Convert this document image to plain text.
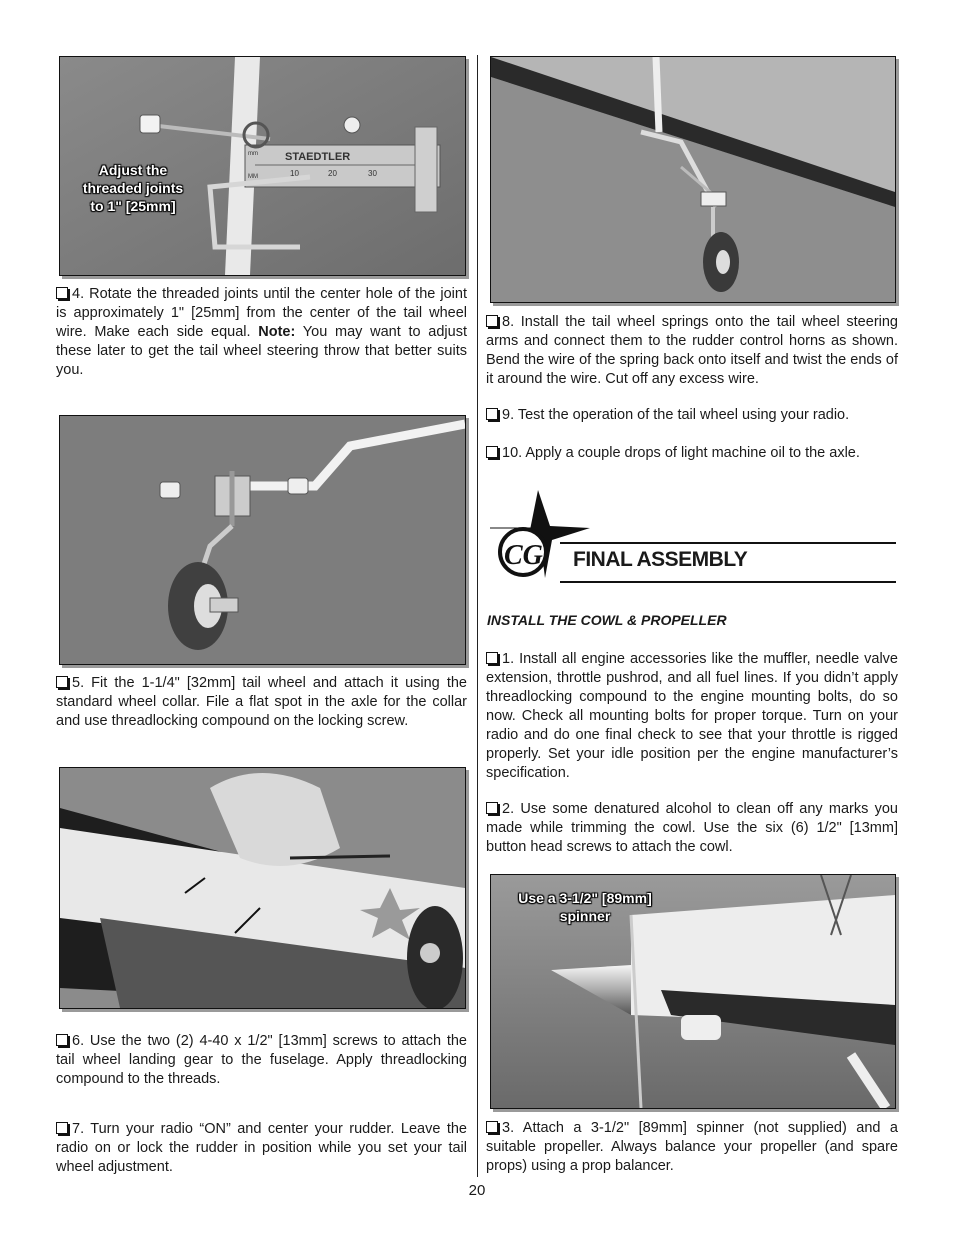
STAEDTLER
mm
MM	10	20	30
Adjust the
threaded joints
to 1" [25mm]

4. Rotate the threaded joints until the center hole of the joint is approximately 1" [25mm] from the center of the tail wheel wire. Make each side equal. Note: You may want to adjust these later to get the tail wheel steering throw that better suits you.

5. Fit the 1-1/4" [32mm] tail wheel and attach it using the standard wheel collar. File a flat spot in the axle for the collar and use threadlocking compound on the locking screw.

6. Use the two (2) 4-40 x 1/2" [13mm] screws to attach the tail wheel landing gear to the fuselage. Apply threadlocking compound to the threads.

7. Turn your radio “ON” and center your rudder. Leave the radio on or lock the rudder in position while you set your tail wheel adjustment.

8. Install the tail wheel springs onto the tail wheel steering arms and connect them to the rudder control horns as shown. Bend the wire of the spring back onto itself and twist the ends of it around the wire. Cut off any excess wire.

9. Test the operation of the tail wheel using your radio.

10. Apply a couple drops of light machine oil to the axle.

CG FINAL ASSEMBLY
INSTALL THE COWL & PROPELLER

1. Install all engine accessories like the muffler, needle valve extension, throttle pushrod, and all fuel lines. If you didn’t apply threadlocking compound to the engine mounting bolts, do so now. Check all mounting bolts for proper torque. Turn on your radio and do one final check to see that your throttle is rigged properly. Set your idle position per the engine manufacturer’s specification.

2. Use some denatured alcohol to clean off any marks you made while trimming the cowl. Use the six (6) 1/2" [13mm] button head screws to attach the cowl.

Use a 3-1/2" [89mm]
spinner

3. Attach a 3-1/2" [89mm] spinner (not supplied) and a suitable propeller. Always balance your propeller (and spare props) using a prop balancer.

20
